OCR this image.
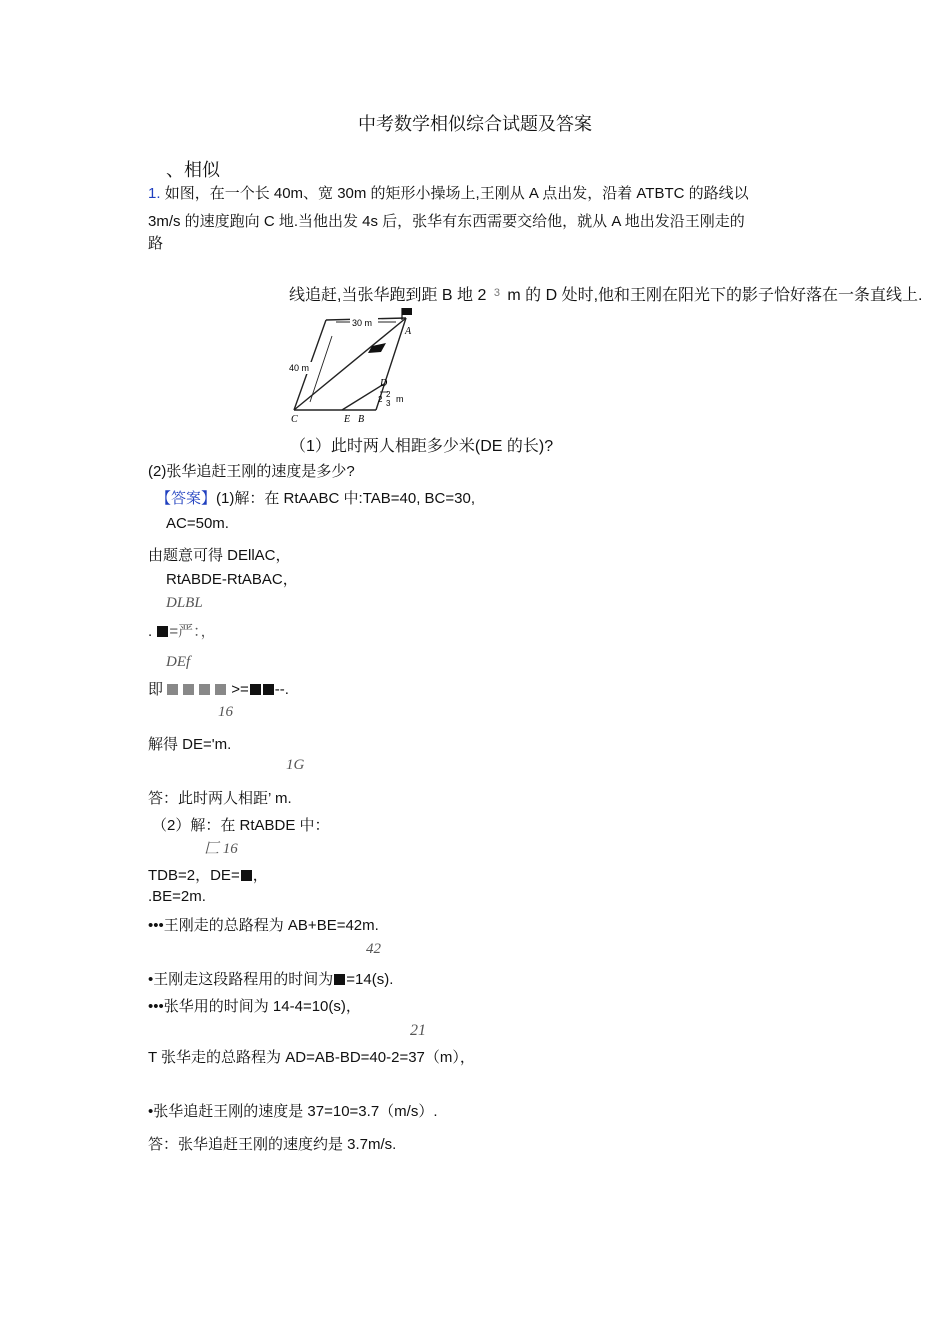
中考数学相似综合试题及答案
、相似
1. 如图，在一个长 40m、宽 30m 的矩形小操场上,王刚从 A 点出发，沿着 ATBTC 的路线以
3m/s 的速度跑向 C 地.当他出发 4s 后，张华有东西需要交给他，就从 A 地出发沿王刚走的
路
线追赶,当张华跑到距 B 地 2 $^3$ m 的 D 处时,他和王刚在阳光下的影子恰好落在一条直线上.
30 m
40 m
A
C
D
E B
2
2
3 m
（1）此时两人相距多少米(DE 的长)?
(2)张华追赶王刚的速度是多少?
【答案】(1)解：在 RtAABC 中:TAB=40, BC=30,
AC=50m.
由题意可得 DEllAC，
RtABDE-RtABAC，
DLBL
. =严：，
DEf
即	>= --.
16
解得 DE='m.
1G
答：此时两人相距’ m.
（2）解：在 RtABDE 中：
匚 16
TDB=2，DE= ，
.BE=2m.
•••王刚走的总路程为 AB+BE=42m.
42
•王刚走这段路程用的时间为 =14(s).
•••张华用的时间为 14-4=10(s)，
21
T 张华走的总路程为 AD=AB-BD=40-2=37（m），
•张华追赶王刚的速度是 37=10=3.7（m/s）.
答：张华追赶王刚的速度约是 3.7m/s.
